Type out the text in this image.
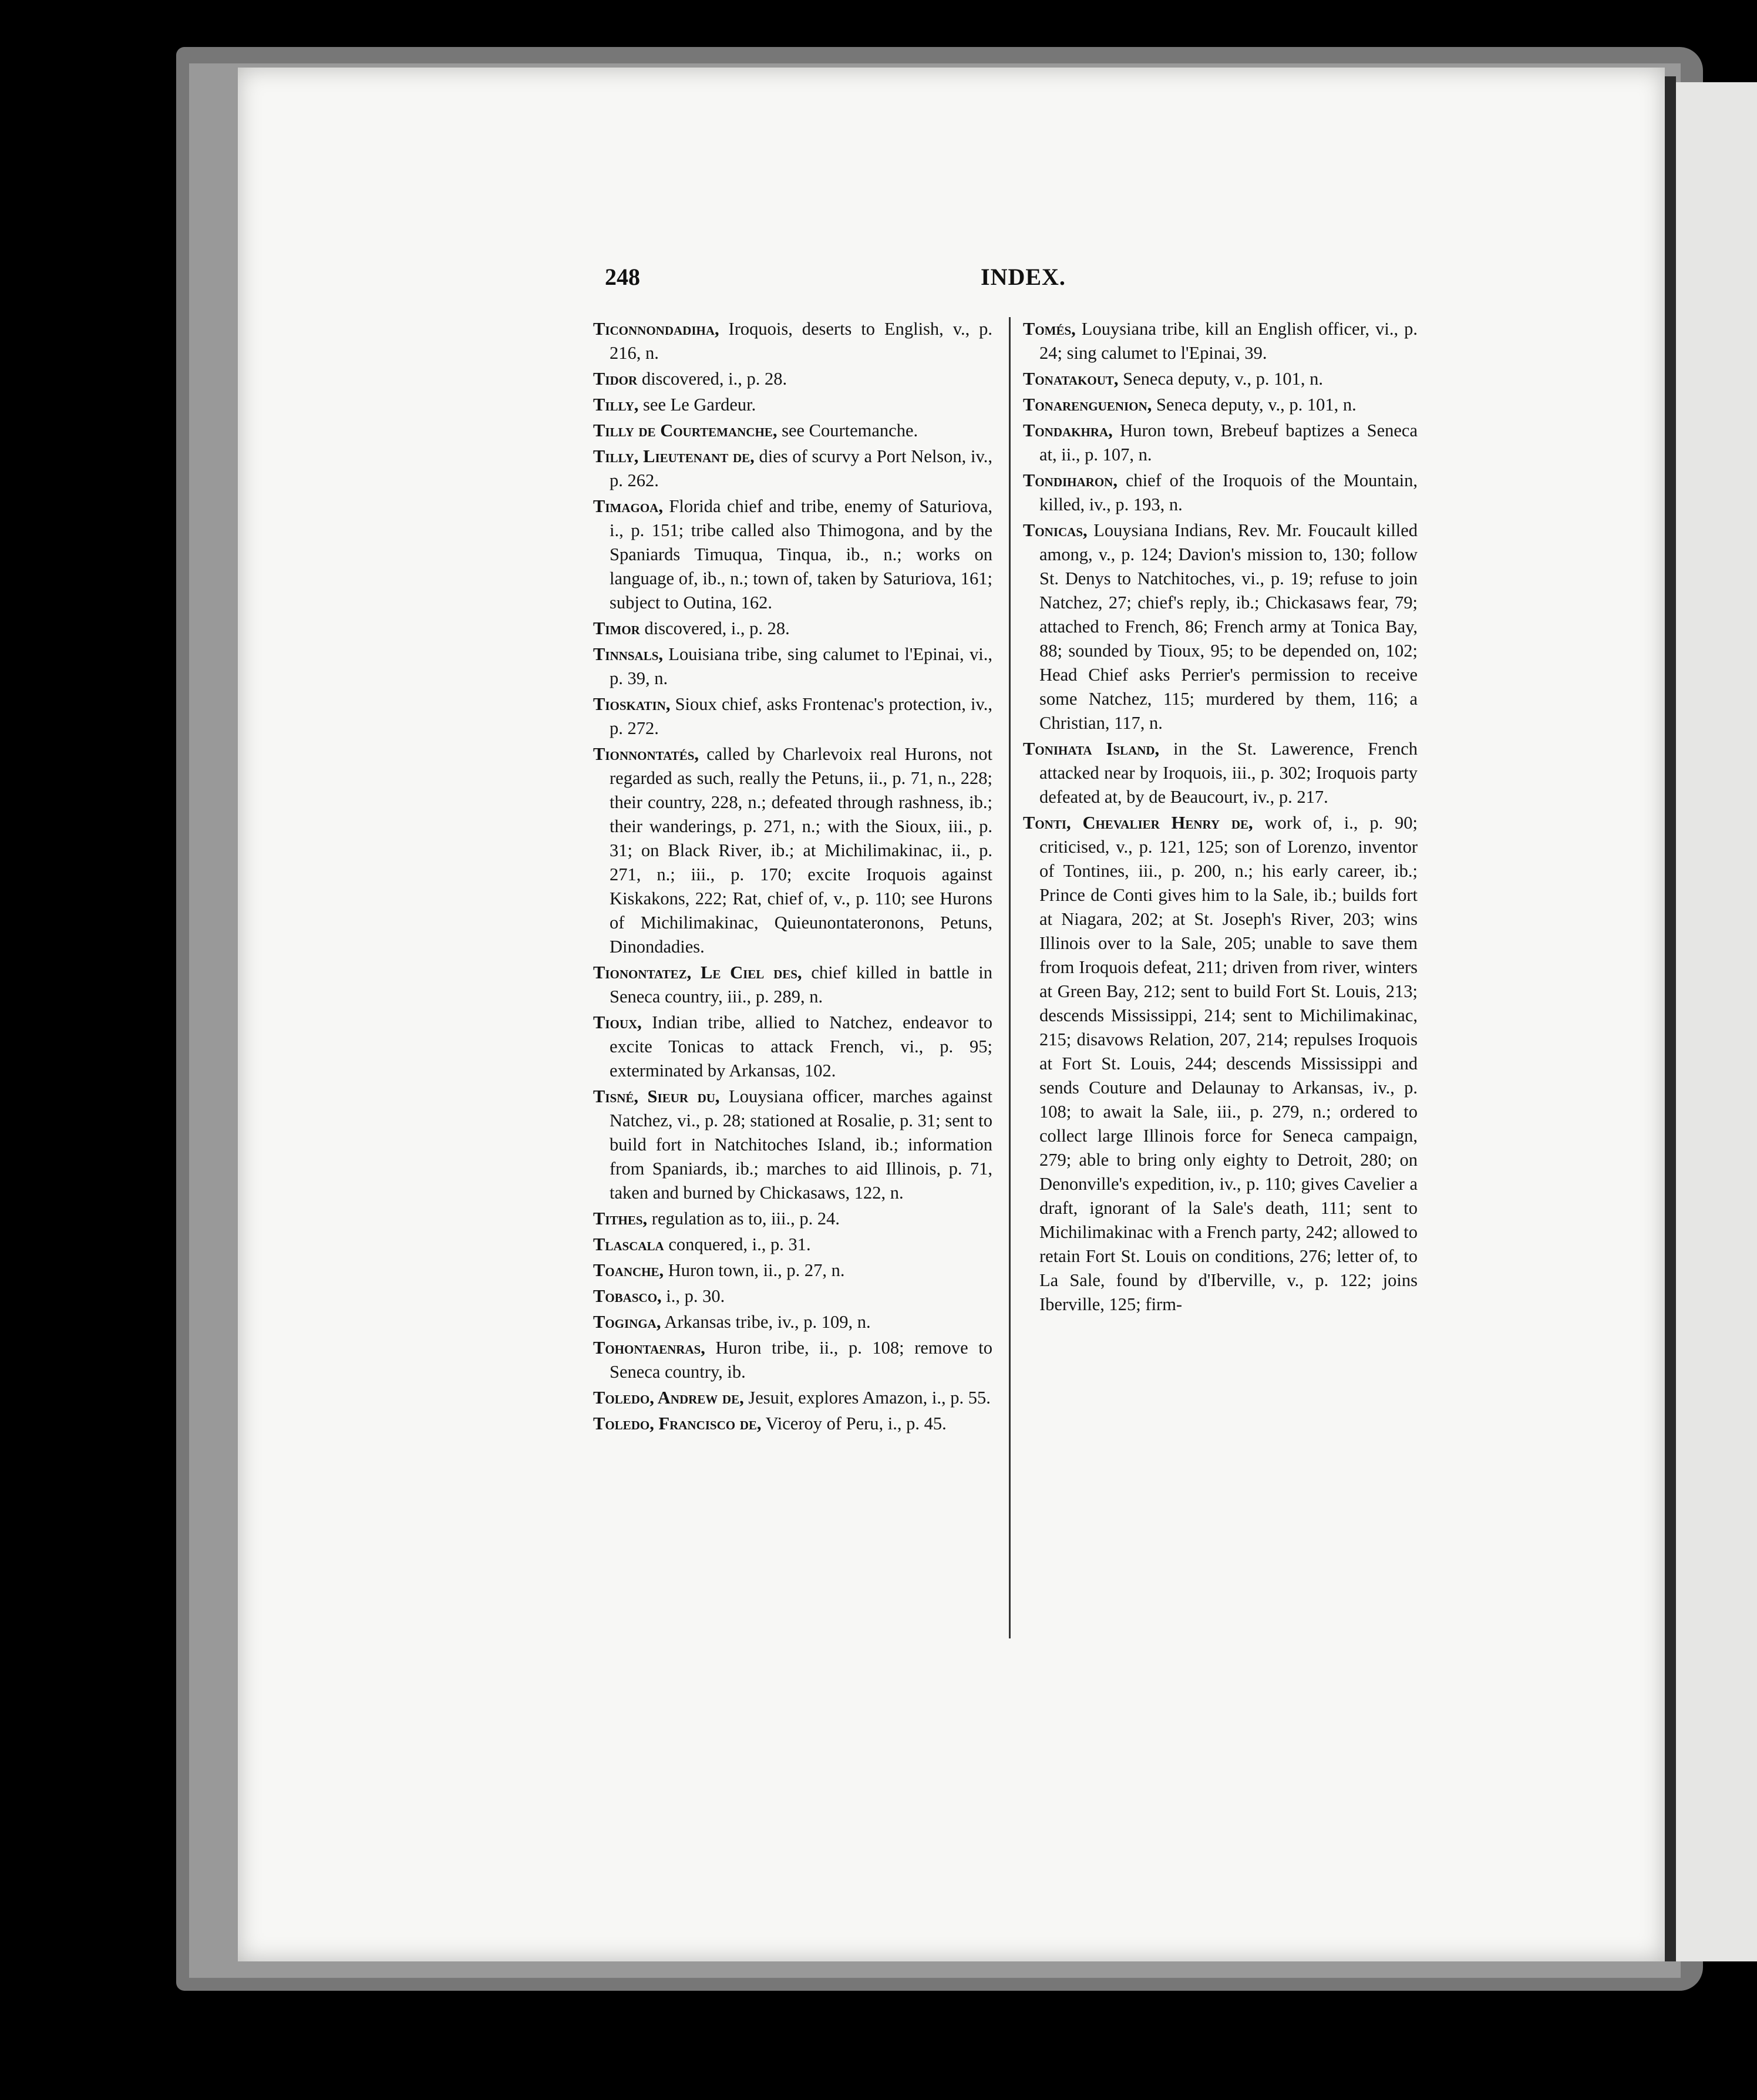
248	INDEX.

Ticonnondadiha, Iroquois, deserts to English, v., p. 216, n.

Tidor discovered, i., p. 28.

Tilly, see Le Gardeur.

Tilly de Courtemanche, see Courtemanche.

Tilly, Lieutenant de, dies of scurvy a Port Nelson, iv., p. 262.

Timagoa, Florida chief and tribe, enemy of Saturiova, i., p. 151; tribe called also Thimogona, and by the Spaniards Timuqua, Tinqua, ib., n.; works on language of, ib., n.; town of, taken by Saturiova, 161; subject to Outina, 162.

Timor discovered, i., p. 28.

Tinnsals, Louisiana tribe, sing calumet to l'Epinai, vi., p. 39, n.

Tioskatin, Sioux chief, asks Frontenac's protection, iv., p. 272.

Tionnontatés, called by Charlevoix real Hurons, not regarded as such, really the Petuns, ii., p. 71, n., 228; their country, 228, n.; defeated through rashness, ib.; their wanderings, p. 271, n.; with the Sioux, iii., p. 31; on Black River, ib.; at Michilimakinac, ii., p. 271, n.; iii., p. 170; excite Iroquois against Kiskakons, 222; Rat, chief of, v., p. 110; see Hurons of Michilimakinac, Quieunontateronons, Petuns, Dinondadies.

Tionontatez, Le Ciel des, chief killed in battle in Seneca country, iii., p. 289, n.

Tioux, Indian tribe, allied to Natchez, endeavor to excite Tonicas to attack French, vi., p. 95; exterminated by Arkansas, 102.

Tisné, Sieur du, Louysiana officer, marches against Natchez, vi., p. 28; stationed at Rosalie, p. 31; sent to build fort in Natchitoches Island, ib.; information from Spaniards, ib.; marches to aid Illinois, p. 71, taken and burned by Chickasaws, 122, n.

Tithes, regulation as to, iii., p. 24.

Tlascala conquered, i., p. 31.

Toanche, Huron town, ii., p. 27, n.

Tobasco, i., p. 30.

Toginga, Arkansas tribe, iv., p. 109, n.

Tohontaenras, Huron tribe, ii., p. 108; remove to Seneca country, ib.

Toledo, Andrew de, Jesuit, explores Amazon, i., p. 55.

Toledo, Francisco de, Viceroy of Peru, i., p. 45.

Tomés, Louysiana tribe, kill an English officer, vi., p. 24; sing calumet to l'Epinai, 39.

Tonatakout, Seneca deputy, v., p. 101, n.

Tonarenguenion, Seneca deputy, v., p. 101, n.

Tondakhra, Huron town, Brebeuf baptizes a Seneca at, ii., p. 107, n.

Tondiharon, chief of the Iroquois of the Mountain, killed, iv., p. 193, n.

Tonicas, Louysiana Indians, Rev. Mr. Foucault killed among, v., p. 124; Davion's mission to, 130; follow St. Denys to Natchitoches, vi., p. 19; refuse to join Natchez, 27; chief's reply, ib.; Chickasaws fear, 79; attached to French, 86; French army at Tonica Bay, 88; sounded by Tioux, 95; to be depended on, 102; Head Chief asks Perrier's permission to receive some Natchez, 115; murdered by them, 116; a Christian, 117, n.

Tonihata Island, in the St. Lawerence, French attacked near by Iroquois, iii., p. 302; Iroquois party defeated at, by de Beaucourt, iv., p. 217.

Tonti, Chevalier Henry de, work of, i., p. 90; criticised, v., p. 121, 125; son of Lorenzo, inventor of Tontines, iii., p. 200, n.; his early career, ib.; Prince de Conti gives him to la Sale, ib.; builds fort at Niagara, 202; at St. Joseph's River, 203; wins Illinois over to la Sale, 205; unable to save them from Iroquois defeat, 211; driven from river, winters at Green Bay, 212; sent to build Fort St. Louis, 213; descends Mississippi, 214; sent to Michilimakinac, 215; disavows Relation, 207, 214; repulses Iroquois at Fort St. Louis, 244; descends Mississippi and sends Couture and Delaunay to Arkansas, iv., p. 108; to await la Sale, iii., p. 279, n.; ordered to collect large Illinois force for Seneca campaign, 279; able to bring only eighty to Detroit, 280; on Denonville's expedition, iv., p. 110; gives Cavelier a draft, ignorant of la Sale's death, 111; sent to Michilimakinac with a French party, 242; allowed to retain Fort St. Louis on conditions, 276; letter of, to La Sale, found by d'Iberville, v., p. 122; joins Iberville, 125; firm-
